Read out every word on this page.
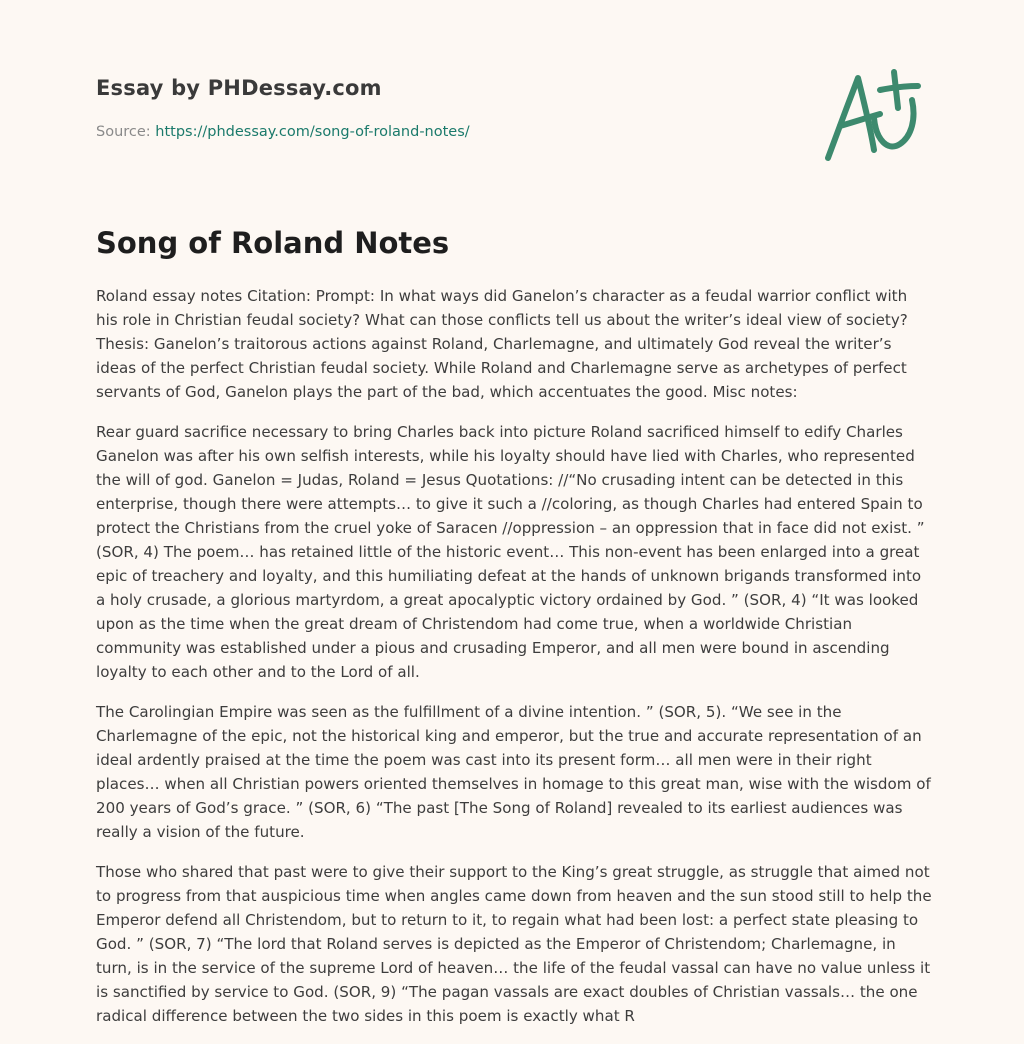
Essay by PHDessay.com
Source: https://phdessay.com/song-of-roland-notes/
Song of Roland Notes

Roland essay notes Citation: Prompt: In what ways did Ganelon’s character as a feudal warrior conflict with his role in Christian feudal society? What can those conflicts tell us about the writer’s ideal view of society? Thesis: Ganelon’s traitorous actions against Roland, Charlemagne, and ultimately God reveal the writer’s ideas of the perfect Christian feudal society. While Roland and Charlemagne serve as archetypes of perfect servants of God, Ganelon plays the part of the bad, which accentuates the good. Misc notes:

Rear guard sacrifice necessary to bring Charles back into picture Roland sacrificed himself to edify Charles Ganelon was after his own selfish interests, while his loyalty should have lied with Charles, who represented the will of god. Ganelon = Judas, Roland = Jesus Quotations: //“No crusading intent can be detected in this enterprise, though there were attempts… to give it such a //coloring, as though Charles had entered Spain to protect the Christians from the cruel yoke of Saracen //oppression – an oppression that in face did not exist. ” (SOR, 4) The poem… has retained little of the historic event… This non-event has been enlarged into a great epic of treachery and loyalty, and this humiliating defeat at the hands of unknown brigands transformed into a holy crusade, a glorious martyrdom, a great apocalyptic victory ordained by God. ” (SOR, 4) “It was looked upon as the time when the great dream of Christendom had come true, when a worldwide Christian community was established under a pious and crusading Emperor, and all men were bound in ascending loyalty to each other and to the Lord of all.

The Carolingian Empire was seen as the fulfillment of a divine intention. ” (SOR, 5). “We see in the Charlemagne of the epic, not the historical king and emperor, but the true and accurate representation of an ideal ardently praised at the time the poem was cast into its present form… all men were in their right places… when all Christian powers oriented themselves in homage to this great man, wise with the wisdom of 200 years of God’s grace. ” (SOR, 6) “The past [The Song of Roland] revealed to its earliest audiences was really a vision of the future.

Those who shared that past were to give their support to the King’s great struggle, as struggle that aimed not to progress from that auspicious time when angles came down from heaven and the sun stood still to help the Emperor defend all Christendom, but to return to it, to regain what had been lost: a perfect state pleasing to God. ” (SOR, 7) “The lord that Roland serves is depicted as the Emperor of Christendom; Charlemagne, in turn, is in the service of the supreme Lord of heaven… the life of the feudal vassal can have no value unless it is sanctified by service to God. (SOR, 9) “The pagan vassals are exact doubles of Christian vassals… the one radical difference between the two sides in this poem is exactly what R
